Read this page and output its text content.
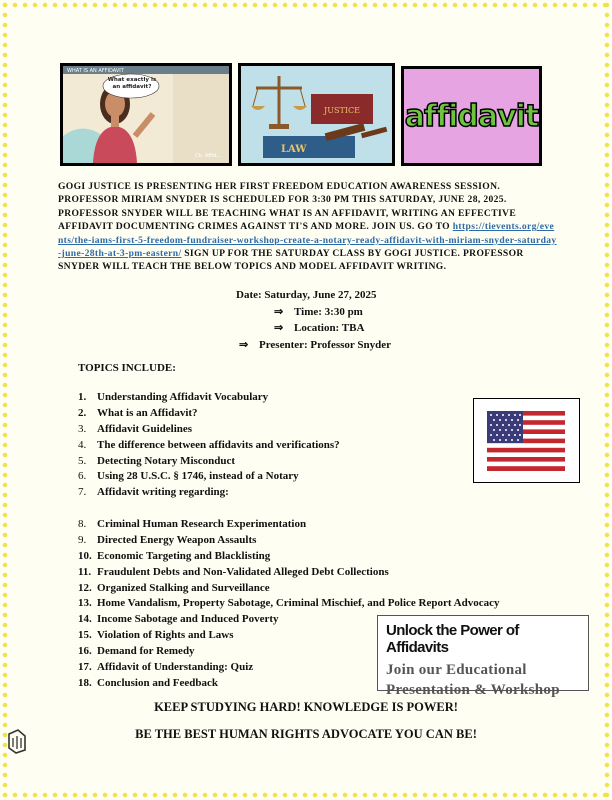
WHAT IS AN AFFIDAVIT
What exactly is an affidavit?
Ch. Affid...
JUSTICE
LAW
affidavit
GOGI JUSTICE IS PRESENTING HER FIRST FREEDOM EDUCATION AWARENESS SESSION. PROFESSOR MIRIAM SNYDER IS SCHEDULED FOR 3:30 PM THIS SATURDAY, JUNE 28, 2025. PROFESSOR SNYDER WILL BE TEACHING WHAT IS AN AFFIDAVIT, WRITING AN EFFECTIVE AFFIDAVIT DOCUMENTING CRIMES AGAINST TI'S AND MORE. JOIN US. GO TO https://tievents.org/events/the-iams-first-5-freedom-fundraiser-workshop-create-a-notary-ready-affidavit-with-miriam-snyder-saturday-june-28th-at-3-pm-eastern/ SIGN UP FOR THE SATURDAY CLASS BY GOGI JUSTICE. PROFESSOR SNYDER WILL TEACH THE BELOW TOPICS AND MODEL AFFIDAVIT WRITING.
Date: Saturday, June 27, 2025
⇒ Time: 3:30 pm
⇒ Location: TBA
⇒ Presenter: Professor Snyder
TOPICS INCLUDE:
1. Understanding Affidavit Vocabulary
2. What is an Affidavit?
3. Affidavit Guidelines
4. The difference between affidavits and verifications?
5. Detecting Notary Misconduct
6. Using 28 U.S.C. § 1746, instead of a Notary
7. Affidavit writing regarding:
8. Criminal Human Research Experimentation
9. Directed Energy Weapon Assaults
10. Economic Targeting and Blacklisting
11. Fraudulent Debts and Non-Validated Alleged Debt Collections
12. Organized Stalking and Surveillance
13. Home Vandalism, Property Sabotage, Criminal Mischief, and Police Report Advocacy
14. Income Sabotage and Induced Poverty
15. Violation of Rights and Laws
16. Demand for Remedy
17. Affidavit of Understanding: Quiz
18. Conclusion and Feedback
Unlock the Power of Affidavits
Join our Educational
Presentation & Workshop
KEEP STUDYING HARD! KNOWLEDGE IS POWER!
BE THE BEST HUMAN RIGHTS ADVOCATE YOU CAN BE!
